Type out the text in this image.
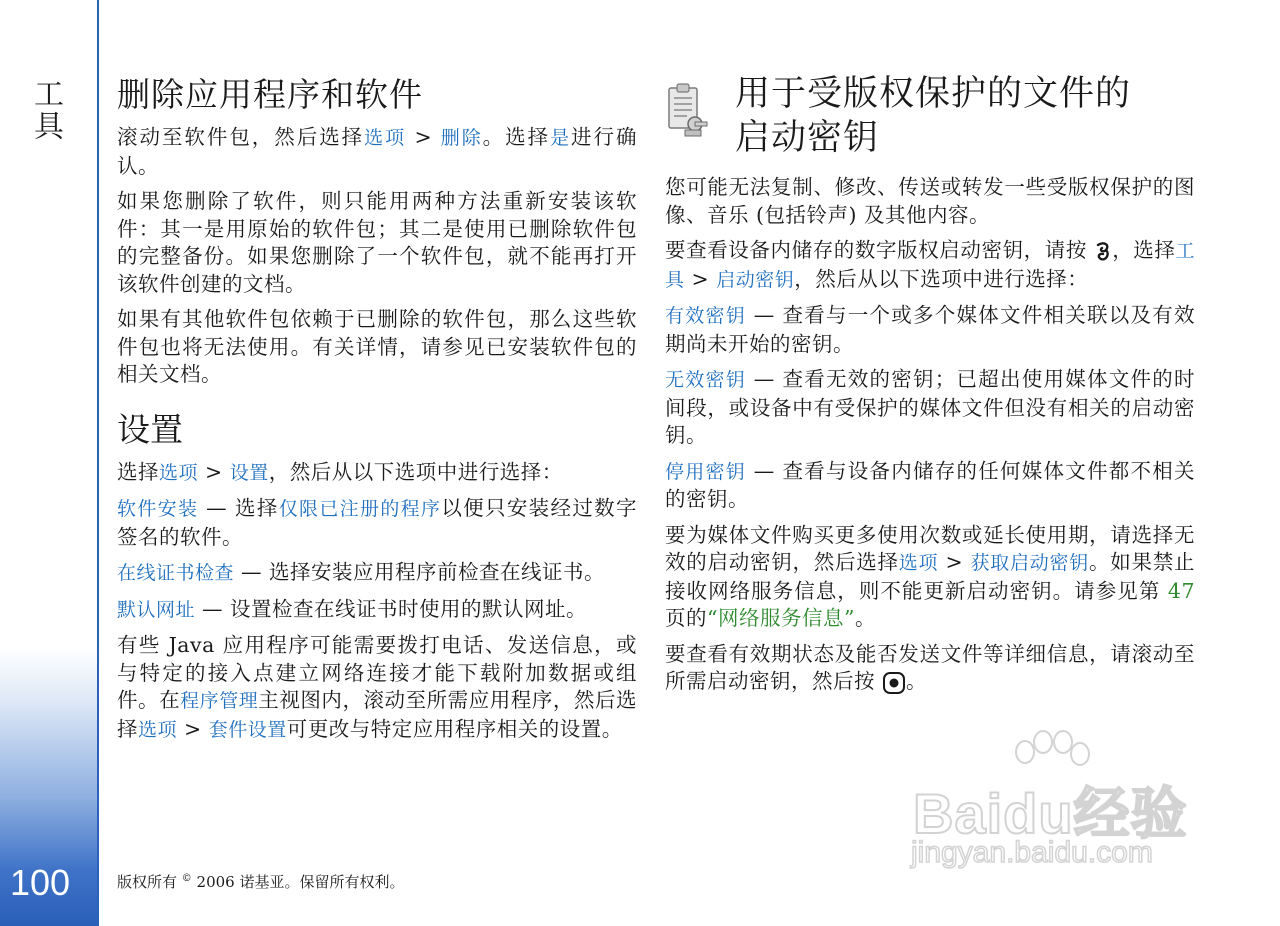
工具
100
删除应用程序和软件

滚动至软件包，然后选择选项 > 删除。选择是进行确认。

如果您删除了软件，则只能用两种方法重新安装该软件：其一是用原始的软件包；其二是使用已删除软件包的完整备份。如果您删除了一个软件包，就不能再打开该软件创建的文档。

如果有其他软件包依赖于已删除的软件包，那么这些软件包也将无法使用。有关详情，请参见已安装软件包的相关文档。

设置

选择选项 > 设置，然后从以下选项中进行选择：

软件安装 — 选择仅限已注册的程序以便只安装经过数字签名的软件。

在线证书检查 — 选择安装应用程序前检查在线证书。

默认网址 — 设置检查在线证书时使用的默认网址。

有些 Java 应用程序可能需要拨打电话、发送信息，或与特定的接入点建立网络连接才能下载附加数据或组件。在程序管理主视图内，滚动至所需应用程序，然后选择选项 > 套件设置可更改与特定应用程序相关的设置。

用于受版权保护的文件的
启动密钥

您可能无法复制、修改、传送或转发一些受版权保护的图像、音乐 (包括铃声) 及其他内容。

要查看设备内储存的数字版权启动密钥，请按 ，选择工具 > 启动密钥，然后从以下选项中进行选择：

有效密钥 — 查看与一个或多个媒体文件相关联以及有效期尚未开始的密钥。

无效密钥 — 查看无效的密钥；已超出使用媒体文件的时间段，或设备中有受保护的媒体文件但没有相关的启动密钥。

停用密钥 — 查看与设备内储存的任何媒体文件都不相关的密钥。

要为媒体文件购买更多使用次数或延长使用期，请选择无效的启动密钥，然后选择选项 > 获取启动密钥。如果禁止接收网络服务信息，则不能更新启动密钥。请参见第 47 页的“网络服务信息”。

要查看有效期状态及能否发送文件等详细信息，请滚动至所需启动密钥，然后按 。

版权所有 © 2006 诺基亚。保留所有权利。
Baidu经验
jingyan.baidu.com
